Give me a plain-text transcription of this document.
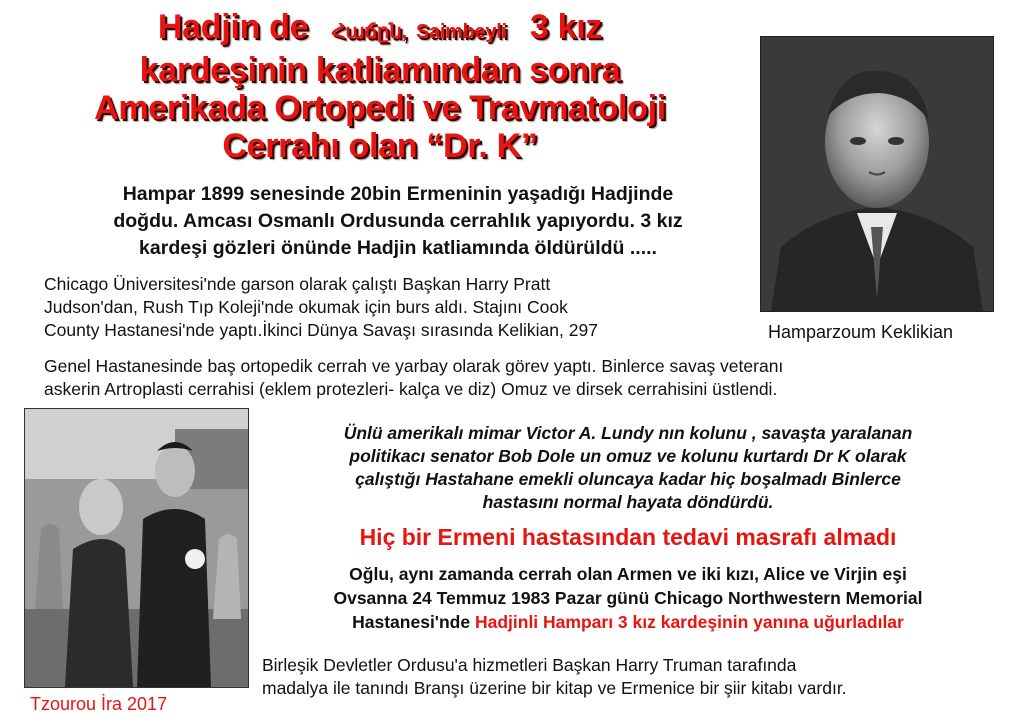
Hadjin de Հաճըն, Saimbeyli 3 kız
kardeşinin katliamından sonra
Amerikada Ortopedi ve Travmatoloji
Cerrahı olan “Dr. K”
Hampar 1899 senesinde 20bin Ermeninin yaşadığı Hadjinde
doğdu. Amcası Osmanlı Ordusunda cerrahlık yapıyordu. 3 kız
kardeşi gözleri önünde Hadjin katliamında öldürüldü .....
Chicago Üniversitesi'nde garson olarak çalıştı Başkan Harry Pratt
Judson'dan, Rush Tıp Koleji'nde okumak için burs aldı. Stajını Cook
County Hastanesi'nde yaptı.İkinci Dünya Savaşı sırasında Kelikian, 297	Hamparzoum Keklikian
Genel Hastanesinde baş ortopedik cerrah ve yarbay olarak görev yaptı. Binlerce savaş veteranı
askerin Artroplasti cerrahisi (eklem protezleri- kalça ve diz) Omuz ve dirsek cerrahisini üstlendi.
Tzourou İra 2017
Ünlü amerikalı mimar Victor A. Lundy nın kolunu , savaşta yaralanan
politikacı senator Bob Dole un omuz ve kolunu kurtardı Dr K olarak
çalıştığı Hastahane emekli oluncaya kadar hiç boşalmadı Binlerce
hastasını normal hayata döndürdü.
Hiç bir Ermeni hastasından tedavi masrafı almadı
Oğlu, aynı zamanda cerrah olan Armen ve iki kızı, Alice ve Virjin eşi
Ovsanna 24 Temmuz 1983 Pazar günü Chicago Northwestern Memorial
Hastanesi'nde Hadjinli Hamparı 3 kız kardeşinin yanına uğurladılar
Birleşik Devletler Ordusu'a hizmetleri Başkan Harry Truman tarafında
madalya ile tanındı Branşı üzerine bir kitap ve Ermenice bir şiir kitabı vardır.
